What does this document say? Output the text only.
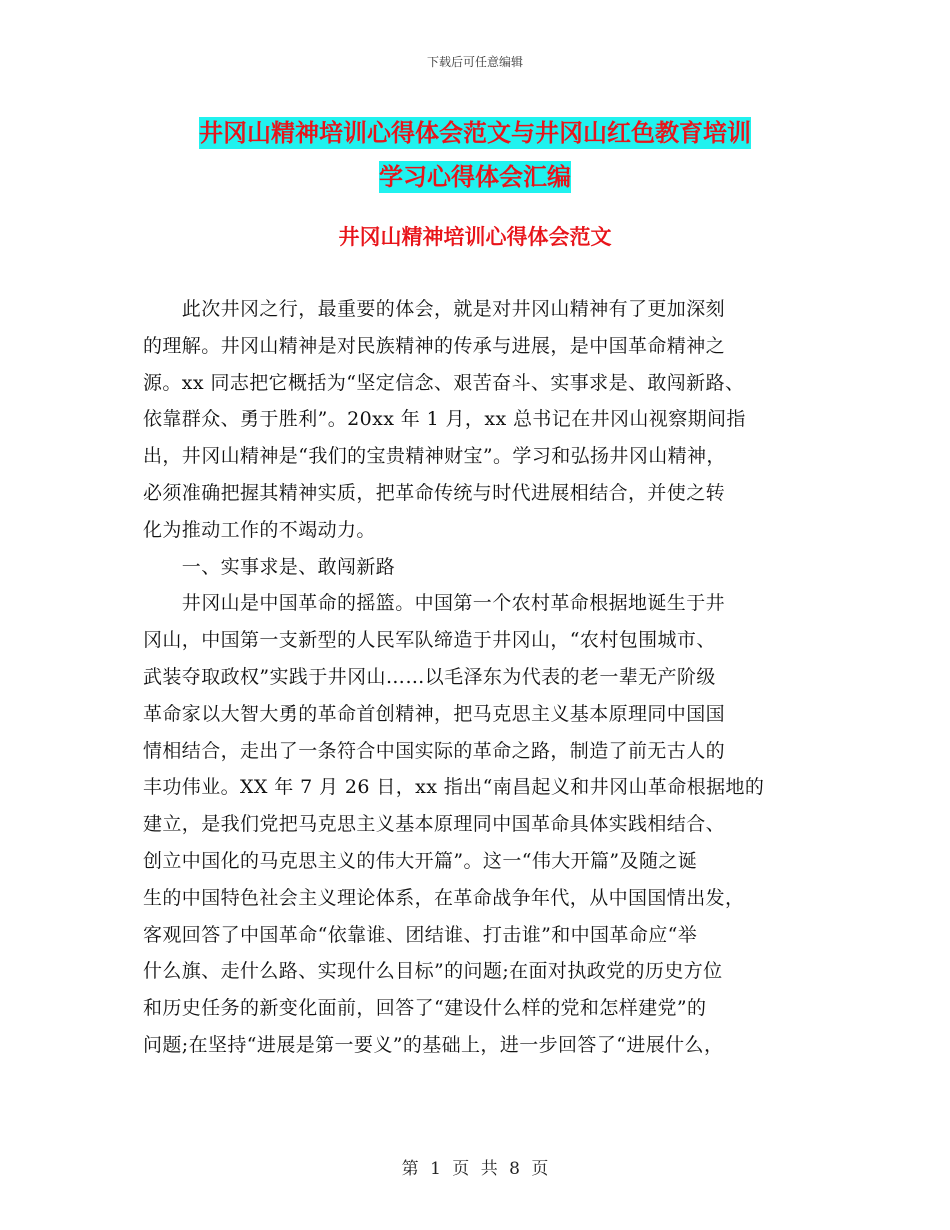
下载后可任意编辑
井冈山精神培训心得体会范文与井冈山红色教育培训
学习心得体会汇编
井冈山精神培训心得体会范文
　　此次井冈之行，最重要的体会，就是对井冈山精神有了更加深刻
的理解。井冈山精神是对民族精神的传承与进展，是中国革命精神之
源。xx 同志把它概括为“坚定信念、艰苦奋斗、实事求是、敢闯新路、
依靠群众、勇于胜利”。20xx 年 1 月，xx 总书记在井冈山视察期间指
出，井冈山精神是“我们的宝贵精神财宝”。学习和弘扬井冈山精神，
必须准确把握其精神实质，把革命传统与时代进展相结合，并使之转
化为推动工作的不竭动力。
　　一、实事求是、敢闯新路
　　井冈山是中国革命的摇篮。中国第一个农村革命根据地诞生于井
冈山，中国第一支新型的人民军队缔造于井冈山，“农村包围城市、
武装夺取政权”实践于井冈山……以毛泽东为代表的老一辈无产阶级
革命家以大智大勇的革命首创精神，把马克思主义基本原理同中国国
情相结合，走出了一条符合中国实际的革命之路，制造了前无古人的
丰功伟业。XX 年 7 月 26 日，xx 指出“南昌起义和井冈山革命根据地的
建立，是我们党把马克思主义基本原理同中国革命具体实践相结合、
创立中国化的马克思主义的伟大开篇”。这一“伟大开篇”及随之诞
生的中国特色社会主义理论体系，在革命战争年代，从中国国情出发，
客观回答了中国革命“依靠谁、团结谁、打击谁”和中国革命应“举
什么旗、走什么路、实现什么目标”的问题;在面对执政党的历史方位
和历史任务的新变化面前，回答了“建设什么样的党和怎样建党”的
问题;在坚持“进展是第一要义”的基础上，进一步回答了“进展什么，
第 1 页 共 8 页
